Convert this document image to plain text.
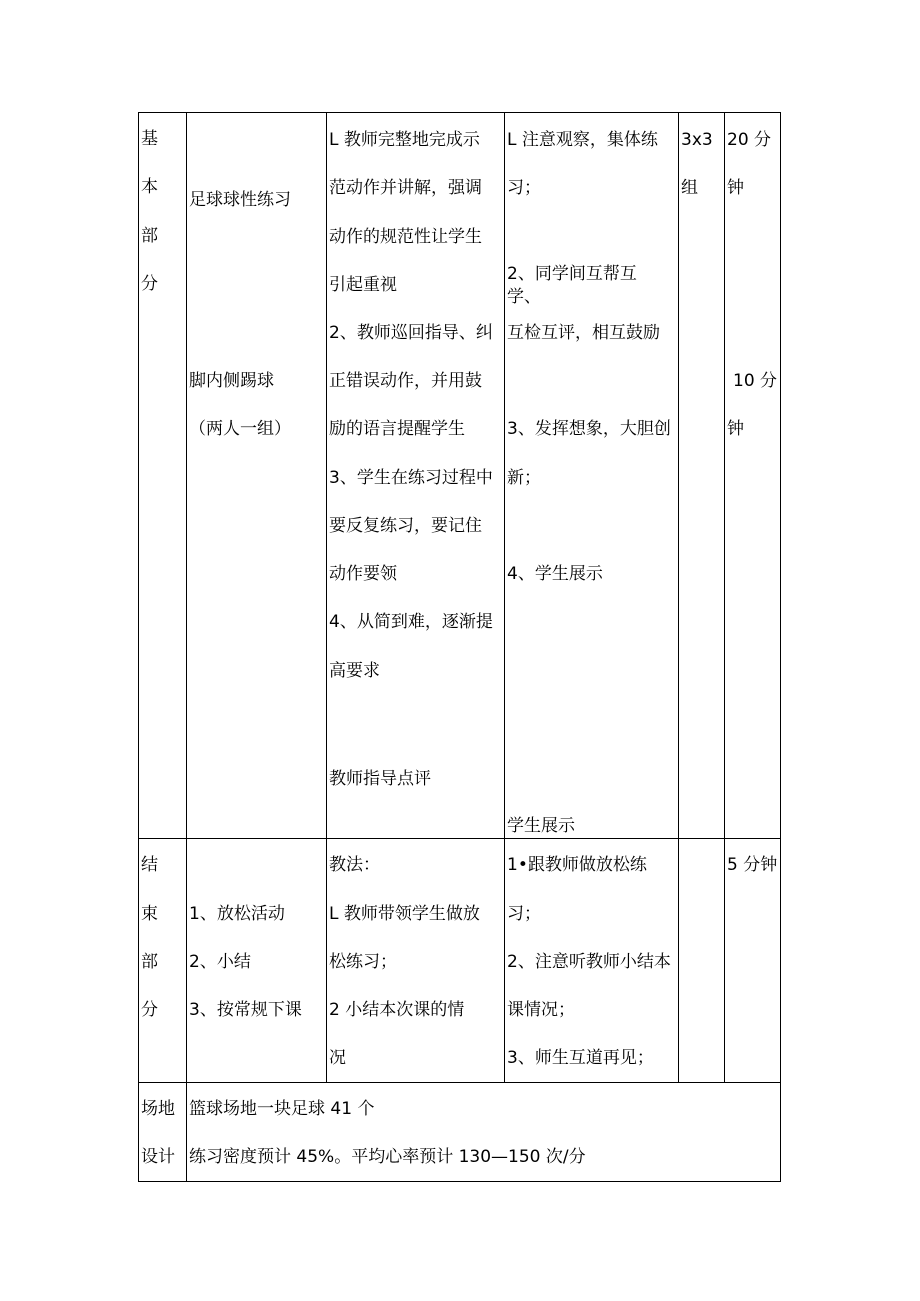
基
本
部
分
足球球性练习
脚内侧踢球
（两人一组）
L 教师完整地完成示
范动作并讲解，强调
动作的规范性让学生
引起重视
2、教师巡回指导、纠
正错误动作，并用鼓
励的语言提醒学生
3、学生在练习过程中
要反复练习，要记住
动作要领
4、从简到难，逐渐提
高要求
教师指导点评
L 注意观察，集体练
习；
2、同学间互帮互
学、
互检互评，相互鼓励
3、发挥想象，大胆创
新；
4、学生展示
学生展示
3x3
组
20 分
钟
10 分
钟
结
束
部
分
1、放松活动
2、小结
3、按常规下课
教法：
L 教师带领学生做放
松练习；
2 小结本次课的情
况
1•跟教师做放松练
习；
2、注意听教师小结本
课情况；
3、师生互道再见；
5 分钟
场地
设计
篮球场地一块足球 41 个
练习密度预计 45%。平均心率预计 130—150 次/分
